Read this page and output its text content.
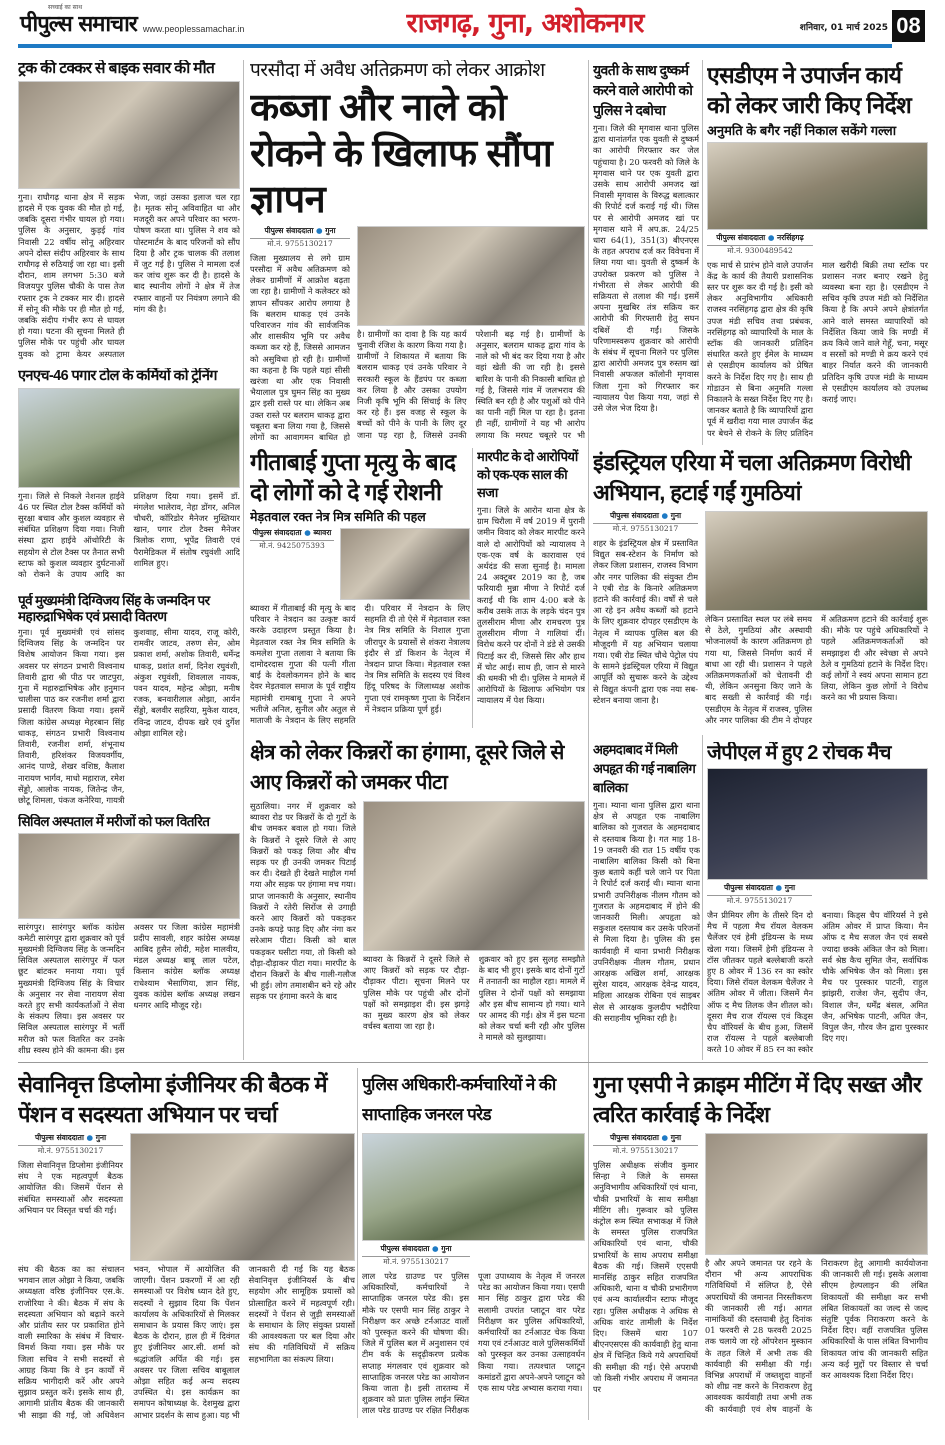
सच्चाई का साथ
पीपुल्स समाचार www.peoplessamachar.in	राजगढ़, गुना, अशोकनगर	शनिवार, 01 मार्च 2025 08
ट्रक की टक्कर से बाइक सवार की मौत
गुना। राघौगढ़ थाना क्षेत्र में सड़क हादसे में एक युवक की मौत हो गई, जबकि दूसरा गंभीर घायल हो गया। पुलिस के अनुसार, कुड़ई गांव निवासी 22 वर्षीय सोनू अहिरवार अपने दोस्त संदीप अहिरवार के साथ राघौगढ़ से रुठियाई जा रहा था। इसी दौरान, शाम लगभग 5:30 बजे विजयपुर पुलिस चौकी के पास तेज रफ्तार ट्रक ने टक्कर मार दी। हादसे में सोनू की मौके पर ही मौत हो गई, जबकि संदीप गंभीर रूप से घायल हो गया। घटना की सूचना मिलते ही पुलिस मौके पर पहुंची और घायल युवक को ट्रामा केयर अस्पताल भेजा, जहां उसका इलाज चल रहा है। मृतक सोनू अविवाहित था और मजदूरी कर अपने परिवार का भरण-पोषण करता था। पुलिस ने शव को पोस्टमार्टम के बाद परिजनों को सौंप दिया है और ट्रक चालक की तलाश में जुट गई है। पुलिस ने मामला दर्ज कर जांच शुरू कर दी है। हादसे के बाद स्थानीय लोगों ने क्षेत्र में तेज रफ्तार वाहनों पर नियंत्रण लगाने की मांग की है।
परसौदा में अवैध अतिक्रमण को लेकर आक्रोश
कब्जा और नाले को रोकने के खिलाफ सौंपा ज्ञापन
पीपुल्स संवाददाता ● गुना
मो.नं. 9755130217
जिला मुख्यालय से लगे ग्राम परसौदा में अवैध अतिक्रमण को लेकर ग्रामीणों में आक्रोश बढ़ता जा रहा है। ग्रामीणों ने कलेक्टर को ज्ञापन सौंपकर आरोप लगाया है कि बलराम धाकड़ एवं उनके परिवारजन गांव की सार्वजनिक और शासकीय भूमि पर अवैध कब्जा कर रहे हैं, जिससे आमजन को असुविधा हो रही है। ग्रामीणों का कहना है कि पहले यहां सीसी खरंजा था और एक निवासी भैयालाल पुत्र घुमन सिंह का मुख्य द्वार इसी रास्ते पर था। लेकिन अब उक्त रास्ते पर बलराम धाकड़ द्वारा चबूतरा बना लिया गया है, जिससे लोगों का आवागमन बाधित हो
है। ग्रामीणों का दावा है कि यह कार्य चुनावी रंजिश के कारण किया गया है। ग्रामीणों ने शिकायत में बताया कि बलराम धाकड़ एवं उनके परिवार ने सरकारी स्कूल के हैंडपंप पर कब्जा कर लिया है और उसका उपयोग निजी कृषि भूमि की सिंचाई के लिए कर रहे हैं। इस वजह से स्कूल के बच्चों को पीने के पानी के लिए दूर जाना पड़ रहा है, जिससे उनकी परेशानी बढ़ गई है। ग्रामीणों के अनुसार, बलराम धाकड़ द्वारा गांव के नाले को भी बंद कर दिया गया है और वहां खेती की जा रही है। इससे बारिश के पानी की निकासी बाधित हो गई है, जिससे गांव में जलभराव की स्थिति बन रही है और पशुओं को पीने का पानी नहीं मिल पा रहा है। इतना ही नहीं, ग्रामीणों ने यह भी आरोप लगाया कि मरघट चबूतरे पर भी
युवती के साथ दुष्कर्म करने वाले आरोपी को पुलिस ने दबोचा
गुना। जिले की मृगवास थाना पुलिस द्वारा थानांतर्गत एक युवती से दुष्कर्म का आरोपी गिरफ्तार कर जेल पहुंचाया है। 20 फरवरी को जिले के मृगवास थाने पर एक युवती द्वारा उसके साथ आरोपी अमजद खां निवासी मृगवास के विरुद्ध बलात्कार की रिपोर्ट दर्ज कराई गई थी। जिस पर से आरोपी अमजद खां पर मृगवास थाने में अप.क्र. 24/25 धारा 64(1), 351(3) बीएनएस के तहत अपराध दर्ज कर विवेचना में लिया गया था। युवती से दुष्कर्म के उपरोक्त प्रकरण को पुलिस ने गंभीरता से लेकर आरोपी की सक्रियता से तलाश की गई। इसमें अपना मुखबिर तंत्र सक्रिय कर आरोपी की गिरफ्तारी हेतु सघन दबिशें दी गईं। जिसके परिणामस्वरूप शुक्रवार को आरोपी के संबंध में सूचना मिलने पर पुलिस द्वारा आरोपी अमजद पुत्र रुस्तम खां निवासी अफजल कॉलोनी मृगवास जिला गुना को गिरफ्तार कर न्यायालय पेश किया गया, जहां से उसे जेल भेज दिया है।
एसडीएम ने उपार्जन कार्य को लेकर जारी किए निर्देश
अनुमति के बगैर नहीं निकाल सकेंगे गल्ला
पीपुल्स संवाददाता ● नरसिंहगढ़
मो.नं. 9300489542
एक मार्च से प्रारंभ होने वाले उपार्जन केंद्र के कार्य की तैयारी प्रशासनिक स्तर पर शुरू कर दी गई है। इसी को लेकर अनुविभागीय अधिकारी राजस्व नरसिंहगढ़ द्वारा क्षेत्र की कृषि उपज मंडी सचिव तथा प्रबंधक, नरसिंहगढ़ को व्यापारियों के माल के स्टॉक की जानकारी प्रतिदिन संधारित करते हुए ईमेल के माध्यम से एसडीएम कार्यालय को प्रेषित करने के निर्देश दिए गए है। साथ ही गोडाउन से बिना अनुमति गल्ला निकालने के सख्त निर्देश दिए गए है। जानकर बताते है कि व्यापारियों द्वारा पूर्व में खरीदा गया माल उपार्जन केंद्र पर बेचने से रोकने के लिए प्रतिदिन माल खरीदी बिक्री तथा स्टॉक पर प्रशासन नजर बनाए रखने हेतु व्यवस्था बना रहा है। एसडीएम ने सचिव कृषि उपज मंडी को निर्देशित किया है कि अपने अपने क्षेत्रांतर्गत आने वाले समस्त व्यापारियों को निर्देशित किया जावे कि मण्डी में क्रय किये जाने वाले गेहूँ, चना, मसूर व सरसों को मण्डी मे क्रय करने एवं बाहर निर्यात करने की जानकारी प्रतिदिन कृषि उपज मंडी के माध्यम से एसडीएम कार्यालय को उपलब्ध कराई जाए।
एनएच-46 पगार टोल के कर्मियों को ट्रेनिंग
गुना। जिले से निकले नेशनल हाईवे 46 पर स्थित टोल टैक्स कर्मियों को सुरक्षा बचाव और कुशल व्यवहार से संबंधित प्रशिक्षण दिया गया। निजी संस्था द्वारा हाईवे ऑथोरिटी के सहयोग से टोल टैक्स पर तैनात सभी स्टाफ को कुशल व्यवहार दुर्घटनाओं को रोकने के उपाय आदि का प्रशिक्षण दिया गया। इसमें डॉ. मंगलेश भालेराव, नेहा डोंगर, अनिल चौधरी, कॉरिडोर मैनेजर मुख्तियार खान, पगार टोल टैक्स मैनेजर त्रिलोक राणा, भूपेंद्र तिवारी एवं पैरामेडिकल में संतोष रघुवंशी आदि शामिल हुए।
पूर्व मुख्यमंत्री दिग्विजय सिंह के जन्मदिन पर महारुद्राभिषेक एवं प्रसादी वितरण
गुना। पूर्व मुख्यमंत्री एवं सांसद दिग्विजय सिंह के जन्मदिन पर विशेष आयोजन किया गया। इस अवसर पर संगठन प्रभारी विश्वनाथ तिवारी द्वारा श्री पीठ पर जाटपुरा, गुना में महारुद्राभिषेक और हनुमान चालीसा पाठ कर रजनीश शर्मा द्वारा प्रसादी वितरण किया गया। इसमें जिला कांग्रेस अध्यक्ष मेहरबान सिंह धाकड़, संगठन प्रभारी विश्वनाथ तिवारी, रजनीश शर्मा, शंभूनाथ तिवारी, हरिशंकर विजयवर्गीय, आनंद पाण्डे, शेखर वशिष्ठ, कैलाश नारायण भार्गव, माधो महाराज, रमेश सेंड्डो, आलोक नायक, जितेन्द्र जैन, छोटू शिमला, पंकज कनेरिया, गायत्री कुशवाह, सीमा यादव, राजू कोरी, रामवीर जाटव, तरुण सेन, ओम प्रकाश शर्मा, अशोक तिवारी, धर्मेन्द्र धाकड़, प्रशांत शर्मा, दिनेश रघुवंशी, अंकुश रघुवंशी, शिवलाल नायक, पवन यादव, महेन्द्र ओझा, मनीष रजक, बनवारीलाल ओझा, आर्यन सेंड्डो, बलवीर सहरिया, मुकेश यादव, रविन्द्र जाटव, दीपक खरे एवं दुर्गेश ओझा शामिल रहे।
सिविल अस्पताल में मरीजों को फल वितरित
सारंगपुर। सारंगपुर ब्लॉक कांग्रेस कमेटी सारंगपुर द्वारा शुक्रवार को पूर्व मुख्यमंत्री दिग्विजय सिंह के जन्मदिन सिविल अस्पताल सारंगपुर में फल छूट बांटकर मनाया गया। पूर्व मुख्यमंत्री दिग्विजय सिंह के विचार के अनुसार नर सेवा नारायण सेवा करते हुए सभी कार्यकर्ताओं ने सेवा के संकल्प लिया। इस अवसर पर सिविल अस्पताल सारंगपुर में भर्ती मरीज को फल वितरित कर उनके शीघ्र स्वस्थ होने की कामना की। इस अवसर पर जिला कांग्रेस महामंत्री प्रदीप सावली, शहर कांग्रेस अध्यक्ष आबिद हुसैन लोदी, महेश मालवीय, मंडल अध्यक्ष बाबू लाल पटेल, किसान कांग्रेस ब्लॉक अध्यक्ष राधेश्याम भैसाणिया, ज्ञान सिंह, युवक कांग्रेस ब्लॉक अध्यक्ष लखन धनगर आदि मौजूद रहे।
गीताबाई गुप्ता मृत्यु के बाद दो लोगों को दे गई रोशनी
मेड़तवाल रक्त नेत्र मित्र समिति की पहल
पीपुल्स संवाददाता ● ब्यावरा
मो.नं. 9425075393
ब्यावरा में गीताबाई की मृत्यु के बाद परिवार ने नेत्रदान का उत्कृष्ट कार्य करके उदाहरण प्रस्तुत किया है। मेड़तवाल रक्त नेत्र मित्र समिति के कमलेश गुप्ता तलावा ने बताया कि दामोदरदास गुप्ता की पत्नी गीता बाई के देवलोकगमन होने के बाद देवर मेड़तवाल समाज के पूर्व राष्ट्रीय महामंत्री रामबाबू गुप्ता ने अपने भतीजे अनिल, सुनील और अतुल से माताजी के नेत्रदान के लिए सहमति दी। परिवार में नेत्रदान के लिए सहमति दी तो ऐसे में मेड़तवाल रक्त नेत्र मित्र समिति के निशाल गुप्ता जीरापुर के प्रयासों से शंकरा नेत्रालय इंदौर से डॉ किशन के नेतृत्व में नेत्रदान प्राप्त किया। मेड़तवाल रक्त नेत्र मित्र समिति के सदस्य एवं विश्व हिंदू परिषद के जिलाध्यक्ष अशोक गुप्ता एवं रामकृष्ण गुप्ता के निर्देशन में नेत्रदान प्रक्रिया पूर्ण हुई।
मारपीट के दो आरोपियों को एक-एक साल की सजा
गुना। जिले के आरोन थाना क्षेत्र के ग्राम चिरौला में वर्ष 2019 में पुरानी जमीन विवाद को लेकर मारपीट करने वाले दो आरोपियों को न्यायालय ने एक-एक वर्ष के कारावास एवं अर्थदंड की सजा सुनाई है। मामला 24 अक्टूबर 2019 का है, जब फरियादी मुन्ना मीणा ने रिपोर्ट दर्ज कराई थी कि शाम 4:00 बजे के करीब उसके ताऊ के लड़के चंदन पुत्र तुलसीराम मीणा और रामचरण पुत्र तुलसीराम मीणा ने गालियां दीं। विरोध करने पर दोनों ने डंडे से उसकी पिटाई कर दी, जिससे सिर और हाथ में चोट आई। साथ ही, जान से मारने की धमकी भी दी। पुलिस ने मामले में आरोपियों के खिलाफ अभियोग पत्र न्यायालय में पेश किया।
इंडस्ट्रियल एरिया में चला अतिक्रमण विरोधी अभियान, हटाई गईं गुमठियां
पीपुल्स संवाददाता ● गुना
मो.नं. 9755130217
शहर के इंडस्ट्रियल क्षेत्र में प्रस्तावित विद्युत सब-स्टेशन के निर्माण को लेकर जिला प्रशासन, राजस्व विभाग और नगर पालिका की संयुक्त टीम ने एबी रोड के किनारे अतिक्रमण हटाने की कार्रवाई की। वर्षों से चले आ रहे इन अवैध कब्जों को हटाने के लिए शुक्रवार दोपहर एसडीएम के नेतृत्व में व्यापक पुलिस बल की मौजूदगी में यह अभियान चलाया गया। एबी रोड स्थित चौथे पेट्रोल पंप के सामने इंडस्ट्रियल एरिया में विद्युत आपूर्ति को सुचारू करने के उद्देश्य से विद्युत कंपनी द्वारा एक नया सब-स्टेशन बनाया जाना है।
लेकिन प्रस्तावित स्थल पर लंबे समय से ठेले, गुमठियां और अस्थायी भोजनालयों के कारण अतिक्रमण हो गया था, जिससे निर्माण कार्य में बाधा आ रही थी। प्रशासन ने पहले अतिक्रमणकर्ताओं को चेतावनी दी थी, लेकिन अनसुना किए जाने के बाद सख्ती से कार्रवाई की गई। एसडीएम के नेतृत्व में राजस्व, पुलिस और नगर पालिका की टीम ने दोपहर में अतिक्रमण हटाने की कार्रवाई शुरू की। मौके पर पहुंचे अधिकारियों ने पहले अतिक्रमणकर्ताओं को समझाइश दी और स्वेच्छा से अपने ठेले व गुमठियां हटाने के निर्देश दिए। कई लोगों ने स्वयं अपना सामान हटा लिया, लेकिन कुछ लोगों ने विरोध करने का भी प्रयास किया।
क्षेत्र को लेकर किन्नरों का हंगामा, दूसरे जिले से आए किन्नरों को जमकर पीटा
सुठालिया। नगर में शुक्रवार को ब्यावरा रोड पर किन्नरों के दो गुटों के बीच जमकर बवाल हो गया। जिले के किन्नरों ने दूसरे जिले से आए किन्नरों को पकड़ लिया और बीच सड़क पर ही उनकी जमकर पिटाई कर दी। देखते ही देखते माहौल गर्मा गया और सड़क पर हंगामा मच गया। प्राप्त जानकारी के अनुसार, स्थानीय किन्नरों ने रतेरी सिरोंज से उगाही करने आए किन्नरों को पकड़कर उनके कपड़े फाड़ दिए और नंगा कर सरेआम पीटा। किसी को बाल पकड़कर घसीटा गया, तो किसी को दौड़ा-दौड़ाकर पीटा गया। मारपीट के दौरान किन्नरों के बीच गाली-गलौज भी हुई। लोग तमाशबीन बने रहे और सड़क पर हंगामा करने के बाद
ब्यावरा के किन्नरों ने दूसरे जिले से आए किन्नरों को सड़क पर दौड़ा-दौड़ाकर पीटा। सूचना मिलने पर पुलिस मौके पर पहुंची और दोनों पक्षों को समझाइश दी। इस झगड़े का मुख्य कारण क्षेत्र को लेकर वर्चस्व बताया जा रहा है।
शुक्रवार को हुए इस सुलह समझौते के बाद भी हुए। इसके बाद दोनों गुटों में तनातनी का माहौल रहा। मामले में पुलिस ने दोनों पक्षों को समझाया और इस बीच सामान्य हो गया। थाने पर आमद की गई। क्षेत्र में इस घटना को लेकर चर्चा बनी रही और पुलिस ने मामले को सुलझाया।
अहमदाबाद में मिली अपहृत की गई नाबालिग बालिका
गुना। म्याना थाना पुलिस द्वारा थाना क्षेत्र से अपहृत एक नाबालिग बालिका को गुजरात के अहमदाबाद से दस्तयाब किया है। गत माह 18-19 जनवरी की रात 15 वर्षीय एक नाबालिग बालिका किसी को बिना कुछ बताये कहीं चले जाने पर पिता ने रिपोर्ट दर्ज कराई थी। म्याना थाना प्रभारी उपनिरीक्षक नीलम गौतम को गुजरात के अहमदाबाद में होने की जानकारी मिली। अपहृता को सकुशल दस्तयाब कर उसके परिजनों से मिला दिया है। पुलिस की इस कार्यवाही में थाना प्रभारी निरीक्षक उपनिरीक्षक नीलम गौतम, प्रधान आरक्षक अखिल शर्मा, आरक्षक सुरेश यादव, आरक्षक देवेन्द्र यादव, महिला आरक्षक रोबिना एवं साइबर सेल से आरक्षक कुलदीप भदौरिया की सराहनीय भूमिका रही है।
जेपीएल में हुए 2 रोचक मैच
पीपुल्स संवाददाता ● गुना
मो.नं. 9755130217
जैन प्रीमियर लीग के तीसरे दिन दो मैच में पहला मैच रॉयल वेलकम चैलेंजर एवं हेमी इंडियन्स के मध्य खेला गया। जिसमें हेमी इंडियन्स ने टॉस जीतकर पहले बल्लेबाजी करते हुए 8 ओवर में 136 रन का स्कोर दिया। जिसे रॉयल वेलकम चैलेंजर ने अंतिम ओवर में जीता। जिसमें मैन ऑफ द मैच तिलक जैन शीतल को। दूसरा मैच राज रॉयल्स एवं किड्स चैप वॉरियर्स के बीच हुआ, जिसमें राज रॉयल्स ने पहले बल्लेबाजी करते 10 ओवर में 85 रन का स्कोर बनाया। किड्स चैप वॉरियर्स ने इसे अंतिम ओवर में प्राप्त किया। मैन ऑफ द मैच सजल जैन एवं सबसे ज्यादा छक्के अंकित जैन को मिला। सर्व श्रेष्ठ कैच सुमित जैन, सर्वाधिक चौके अभिषेक जैन को मिला। इस मैच पर पुरस्कार पाटनी, राहुल झांझरी, राजेश जैन, सुदीप जैन, विशाल जैन, धर्मेंद्र बंसल, अमित जैन, अभिषेक पाटनी, अपित जैन, विपुल जैन, गौरव जैन द्वारा पुरस्कार दिए गए।
सेवानिवृत्त डिप्लोमा इंजीनियर की बैठक में पेंशन व सदस्यता अभियान पर चर्चा
पीपुल्स संवाददाता ● गुना
मो.नं. 9755130217
जिला सेवानिवृत्त डिप्लोमा इंजीनियर संघ ने एक महत्वपूर्ण बैठक आयोजित की। जिसमें पेंशन से संबंधित समस्याओं और सदस्यता अभियान पर विस्तृत चर्चा की गई।
संघ की बैठक का का संचालन भगवान लाल ओझा ने किया, जबकि अध्यक्षता वरिष्ठ इंजीनियर एस.के. राजोरिया ने की। बैठक में संघ के सदस्यता अभियान को बढ़ाने करने और प्रांतीय स्तर पर प्रकाशित होने वाली स्मारिका के संबंध में विचार-विमर्श किया गया। इस मौके पर जिला सचिव ने सभी सदस्यों से आग्रह किया कि वे इन कार्यों में सक्रिय भागीदारी करें और अपने सुझाव प्रस्तुत करें। इसके साथ ही, आगामी प्रांतीय बैठक की जानकारी भी साझा की गई, जो अधिवेशन भवन, भोपाल में आयोजित की जाएगी। पेंशन प्रकरणों में आ रही समस्याओं पर विशेष ध्यान देते हुए, सदस्यों ने सुझाव दिया कि पेंशन कार्यालय के अधिकारियों से मिलकर समाधान के प्रयास किए जाएं। इस बैठक के दौरान, हाल ही में दिवंगत हुए इंजीनियर आर.सी. शर्मा को श्रद्धांजलि अर्पित की गई। इस अवसर पर जिला सचिव बाबूलाल ओझा सहित कई अन्य सदस्य उपस्थित थे। इस कार्यक्रम का समापन कोषाध्यक्ष के. देशमुख द्वारा आभार प्रदर्शन के साथ हुआ। यह भी जानकारी दी गई कि यह बैठक सेवानिवृत्त इंजीनियर्स के बीच सहयोग और सामूहिक प्रयासों को प्रोत्साहित करने में महत्वपूर्ण रही। सदस्यों ने पेंशन से जुड़ी समस्याओं के समाधान के लिए संयुक्त प्रयासों की आवश्यकता पर बल दिया और संघ की गतिविधियों में सक्रिय सहभागिता का संकल्प लिया।
पुलिस अधिकारी-कर्मचारियों ने की साप्ताहिक जनरल परेड
पीपुल्स संवाददाता ● गुना
मो.नं. 9755130217
लाल परेड ग्राउण्ड पर पुलिस अधिकारियों, कर्मचारियों ने साप्ताहिक जनरल परेड की। इस मौके पर एसपी मान सिंह ठाकुर ने निरीक्षण कर अच्छे टर्नआउट वालों को पुरस्कृत करने की घोषणा की। जिले में पुलिस बल में अनुशासन एवं टीम वर्क के सदृढ़ीकरण प्रत्येक सप्ताह मंगलवार एवं शुक्रवार को साप्ताहिक जनरल परेड का आयोजन किया जाता है। इसी तारतम्य में शुक्रवार को प्रातः पुलिस लाईन स्थित लाल परेड ग्राउण्ड पर रक्षित निरीक्षक पूजा उपाध्याय के नेतृत्व में जनरल परेड का आयोजन किया गया। एसपी मान सिंह ठाकुर द्वारा परेड की सलामी उपरांत प्लाटून वार परेड निरीक्षण कर पुलिस अधिकारियों, कर्मचारियों का टर्नआउट चेक किया गया एवं टर्नआउट वाले पुलिसकर्मियों को पुरस्कृत कर उनका उत्साहवर्धन किया गया। तत्पश्चात प्लाटून कमांडरों द्वारा अपने-अपने प्लाटून को एक साथ परेड अभ्यास कराया गया।
गुना एसपी ने क्राइम मीटिंग में दिए सख्त और त्वरित कार्रवाई के निर्देश
पीपुल्स संवाददाता ● गुना
मो.नं. 9755130217
पुलिस अधीक्षक संजीव कुमार सिन्हा ने जिले के समस्त अनुविभागीय अधिकारियों एवं थाना, चौकी प्रभारियों के साथ समीक्षा मीटिंग ली। गुरूवार को पुलिस कंट्रोल रूम स्थित सभाकक्ष में जिले के समस्त पुलिस राजपत्रित अधिकारियों एवं थाना, चौकी प्रभारियों के साथ अपराध समीक्षा बैठक की गई। जिसमें एएसपी मानसिंह ठाकुर सहित राजपत्रित अधिकारी, थाना व चौकी प्रभारीगण एवं अन्य कार्यालयीन स्टाफ मौजूद रहा। पुलिस अधीक्षक ने अधिक से अधिक वारंट तामीली के निर्देश दिए। जिसमें धारा 107 बीएनएसएस की कार्यवाही हेतु थाना क्षेत्र में चिन्हित किये गये अपराधियों की समीक्षा की गई। ऐसे अपराधी जो किसी गंभीर अपराध में जमानत पर
है और अपने जमानत पर रहने के दौरान भी अन्य आपराधिक गतिविधियों में संलिप्त है, ऐसे अपराधियों की जमानत निरस्तीकरण की जानकारी ली गई। आगत नामांकियों की दस्तयाबी हेतु दिनांक 01 फरवरी से 28 फरवरी 2025 तक चलाये जा रहे ऑपरेशन मुस्कान के तहत जिले में अभी तक की कार्यवाही की समीक्षा की गई। विभिन्न अपराधों में जब्तशुदा वाहनों को शीघ्र नष्ट करने के निराकरण हेतु आवश्यक कार्यवाही तथा अभी तक की कार्यवाही एवं शेष वाहनों के निराकरण हेतु आगामी कार्ययोजना की जानकारी ली गई। इसके अलावा सीएम हेल्पलाइन की लंबित शिकायतों की समीक्षा कर सभी लंबित शिकायतों का जल्द से जल्द संतुष्टि पूर्वक निराकरण करने के निर्देश दिए। वहीं राजपत्रित पुलिस अधिकारियों के पास लंबित विभागीय शिकायत जांच की जानकारी सहित अन्य कई मुद्दों पर विस्तार से चर्चा कर आवश्यक दिशा निर्देश दिए।
